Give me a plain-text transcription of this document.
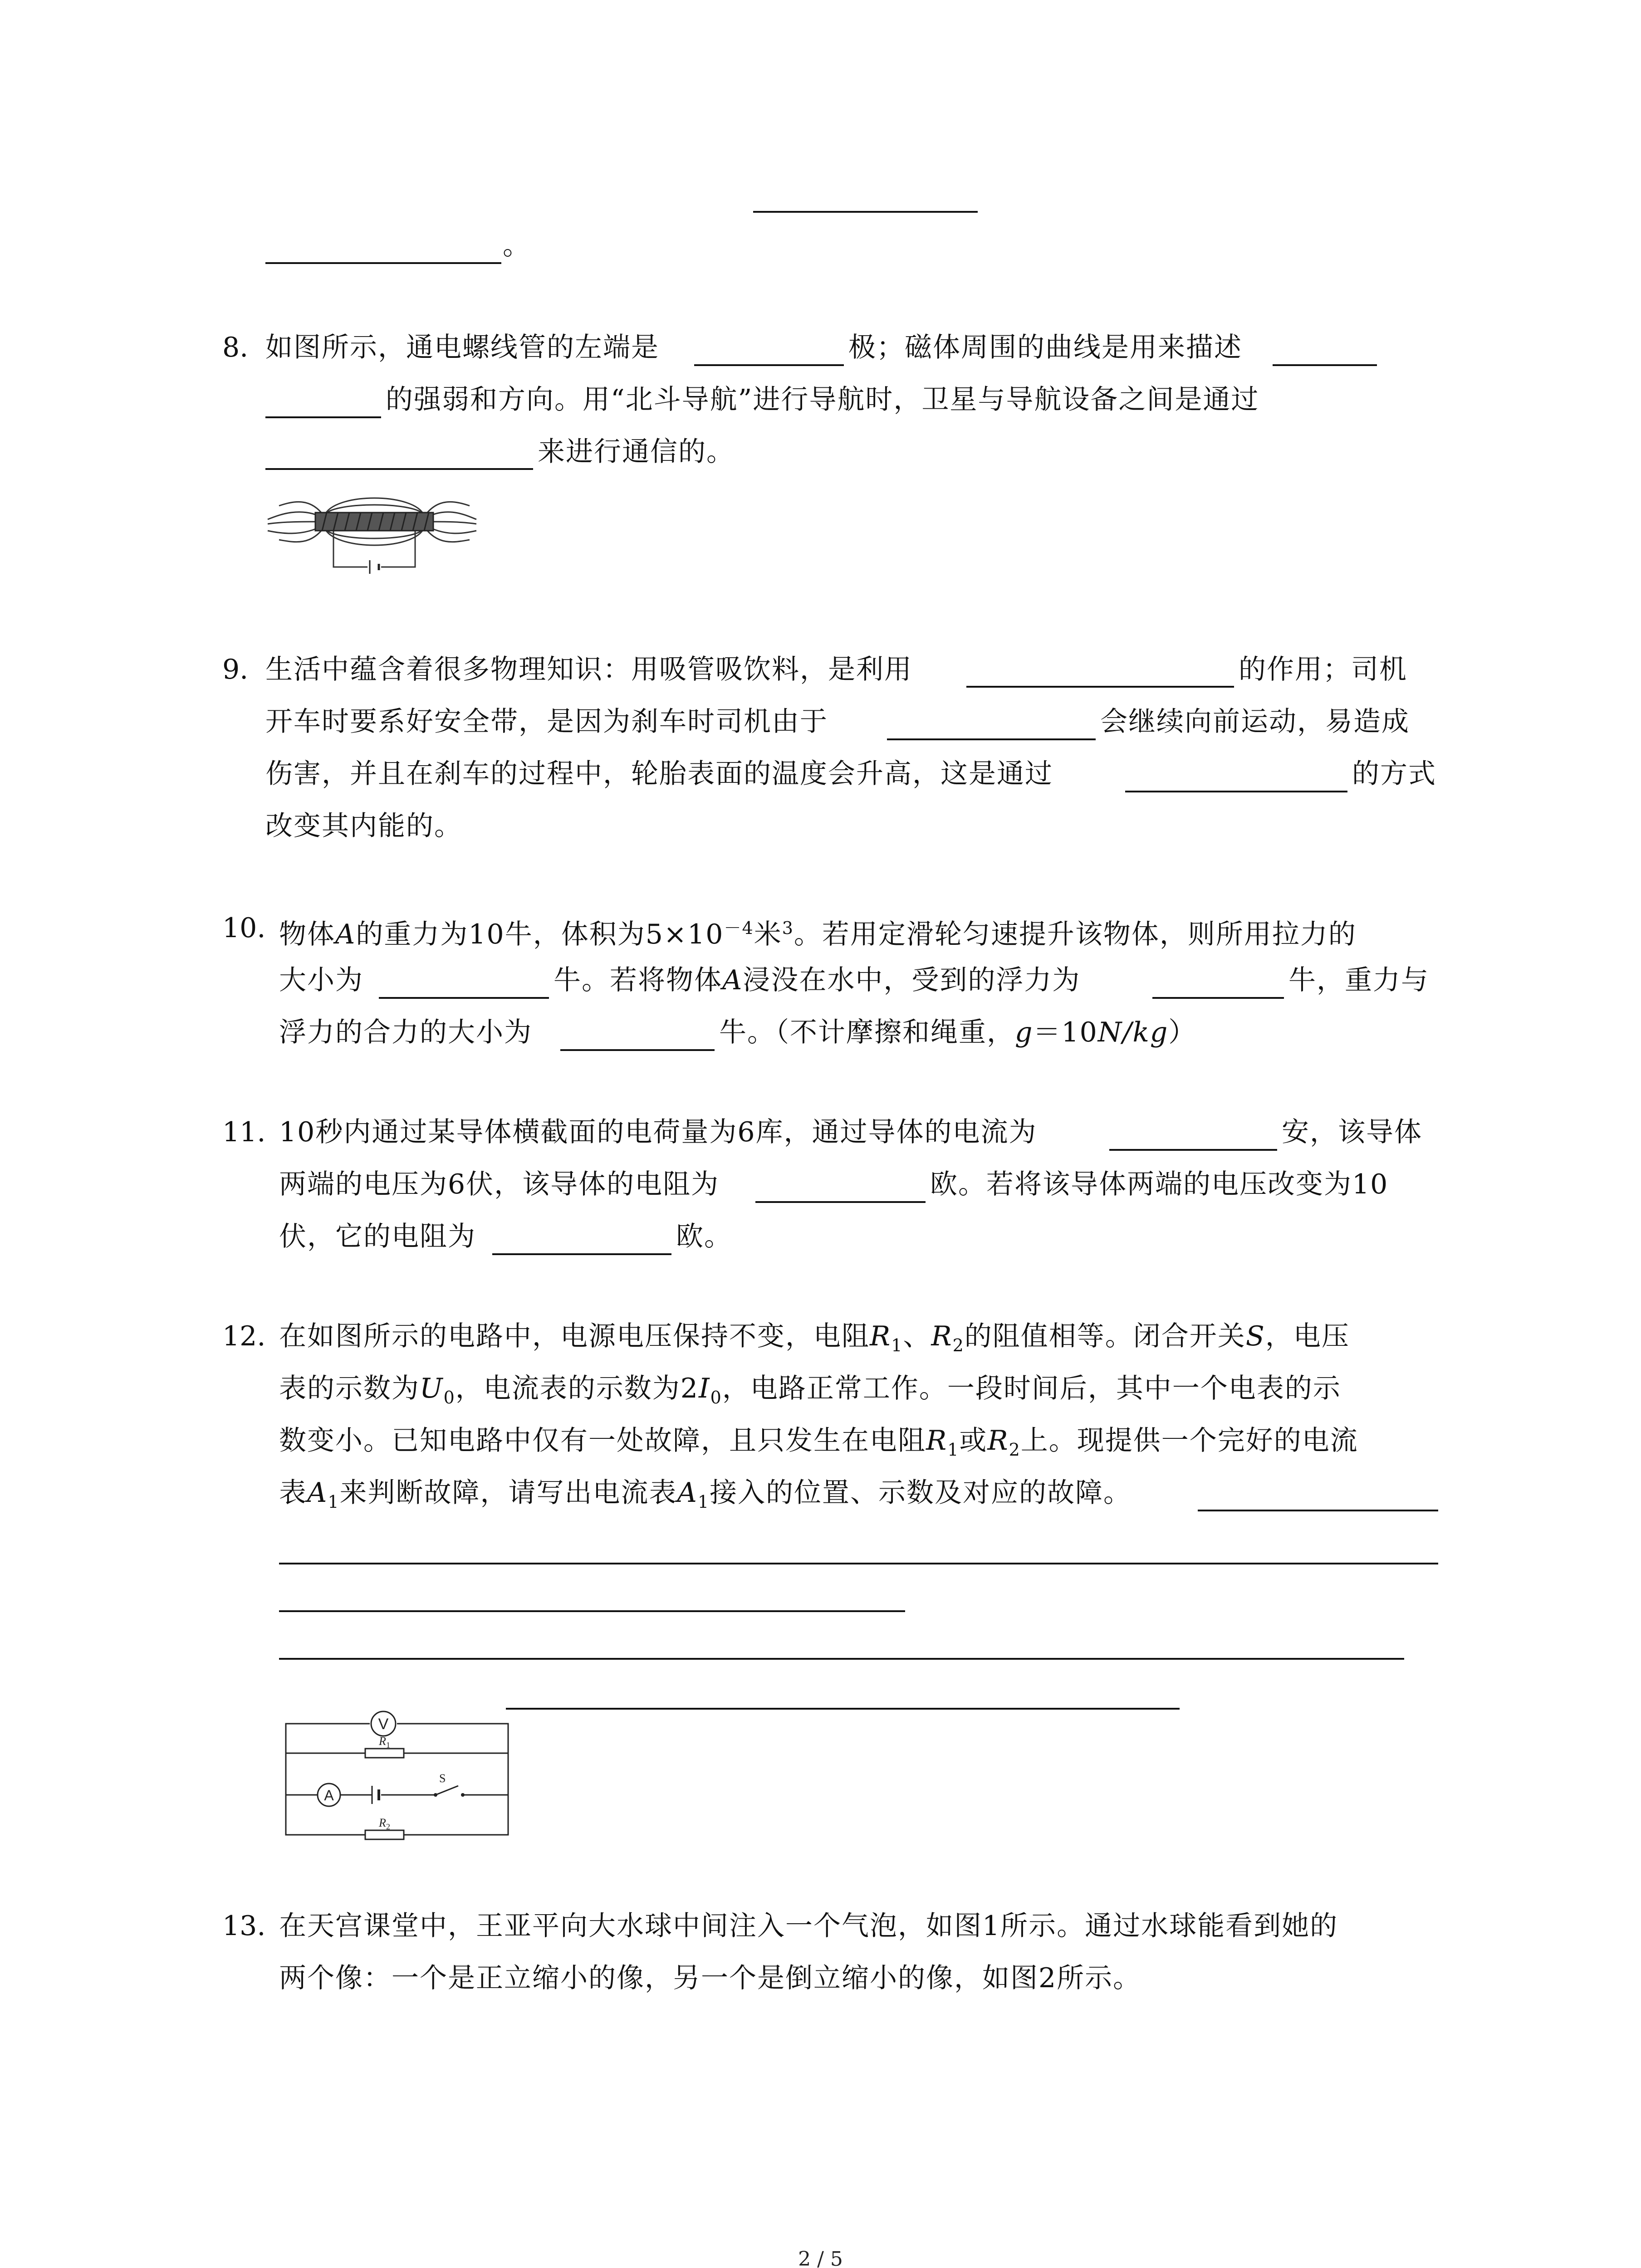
。
8. 如图所示，通电螺线管的左端是	极；磁体周围的曲线是用来描述
的强弱和方向。用“北斗导航”进行导航时，卫星与导航设备之间是通过
来进行通信的。
9. 生活中蕴含着很多物理知识：用吸管吸饮料，是利用	的作用；司机
开车时要系好安全带，是因为刹车时司机由于	会继续向前运动，易造成
伤害，并且在刹车的过程中，轮胎表面的温度会升高，这是通过	的方式
改变其内能的。
10. 物体A的重力为10牛，体积为$5\times 10^{-4}$米$^3$。若用定滑轮匀速提升该物体，则所用拉力的
大小为	牛。若将物体A浸没在水中，受到的浮力为	牛，重力与
浮力的合力的大小为	牛。（不计摩擦和绳重，g＝10N/kg）
11. 10秒内通过某导体横截面的电荷量为6库，通过导体的电流为	安，该导体
两端的电压为6伏，该导体的电阻为	欧。若将该导体两端的电压改变为10
伏，它的电阻为	欧。
12. 在如图所示的电路中，电源电压保持不变，电阻$R_1$、$R_2$的阻值相等。闭合开关S，电压
表的示数为$U_0$，电流表的示数为$2I_0$，电路正常工作。一段时间后，其中一个电表的示
数变小。已知电路中仅有一处故障，且只发生在电阻$R_1$或$R_2$上。现提供一个完好的电流
表$A_1$来判断故障，请写出电流表$A_1$接入的位置、示数及对应的故障。
V
R 1
A
S
R 2
13. 在天宫课堂中，王亚平向大水球中间注入一个气泡，如图1所示。通过水球能看到她的
两个像：一个是正立缩小的像，另一个是倒立缩小的像，如图2所示。
2 / 5
